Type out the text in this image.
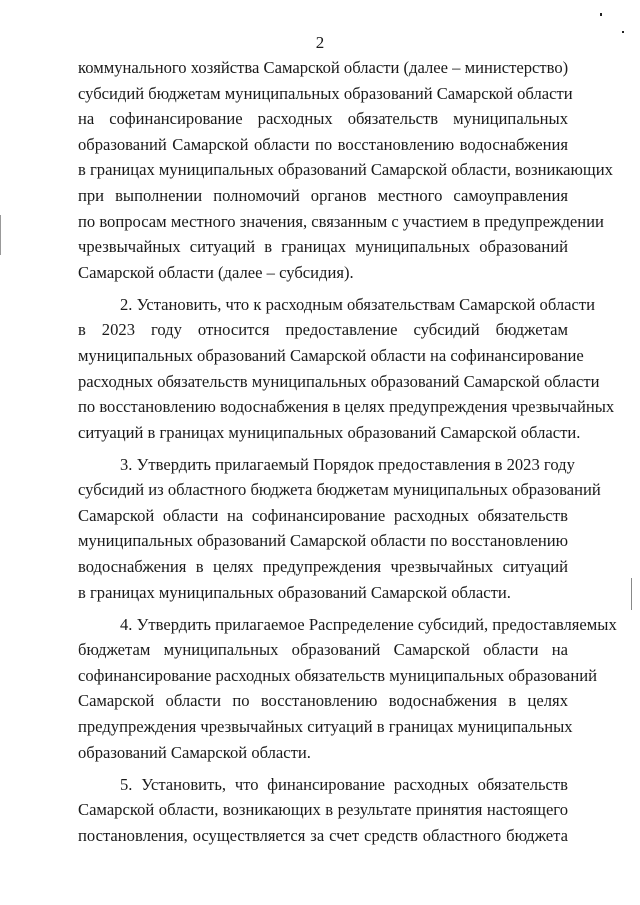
2
коммунального хозяйства Самарской области (далее – министерство)
субсидий бюджетам муниципальных образований Самарской области
на софинансирование расходных обязательств муниципальных
образований Самарской области по восстановлению водоснабжения
в границах муниципальных образований Самарской области, возникающих
при выполнении полномочий органов местного самоуправления
по вопросам местного значения, связанным с участием в предупреждении
чрезвычайных ситуаций в границах муниципальных образований
Самарской области (далее – субсидия).
2. Установить, что к расходным обязательствам Самарской области
в 2023 году относится предоставление субсидий бюджетам
муниципальных образований Самарской области на софинансирование
расходных обязательств муниципальных образований Самарской области
по восстановлению водоснабжения в целях предупреждения чрезвычайных
ситуаций в границах муниципальных образований Самарской области.
3. Утвердить прилагаемый Порядок предоставления в 2023 году
субсидий из областного бюджета бюджетам муниципальных образований
Самарской области на софинансирование расходных обязательств
муниципальных образований Самарской области по восстановлению
водоснабжения в целях предупреждения чрезвычайных ситуаций
в границах муниципальных образований Самарской области.
4. Утвердить прилагаемое Распределение субсидий, предоставляемых
бюджетам муниципальных образований Самарской области на
софинансирование расходных обязательств муниципальных образований
Самарской области по восстановлению водоснабжения в целях
предупреждения чрезвычайных ситуаций в границах муниципальных
образований Самарской области.
5. Установить, что финансирование расходных обязательств
Самарской области, возникающих в результате принятия настоящего
постановления, осуществляется за счет средств областного бюджета
